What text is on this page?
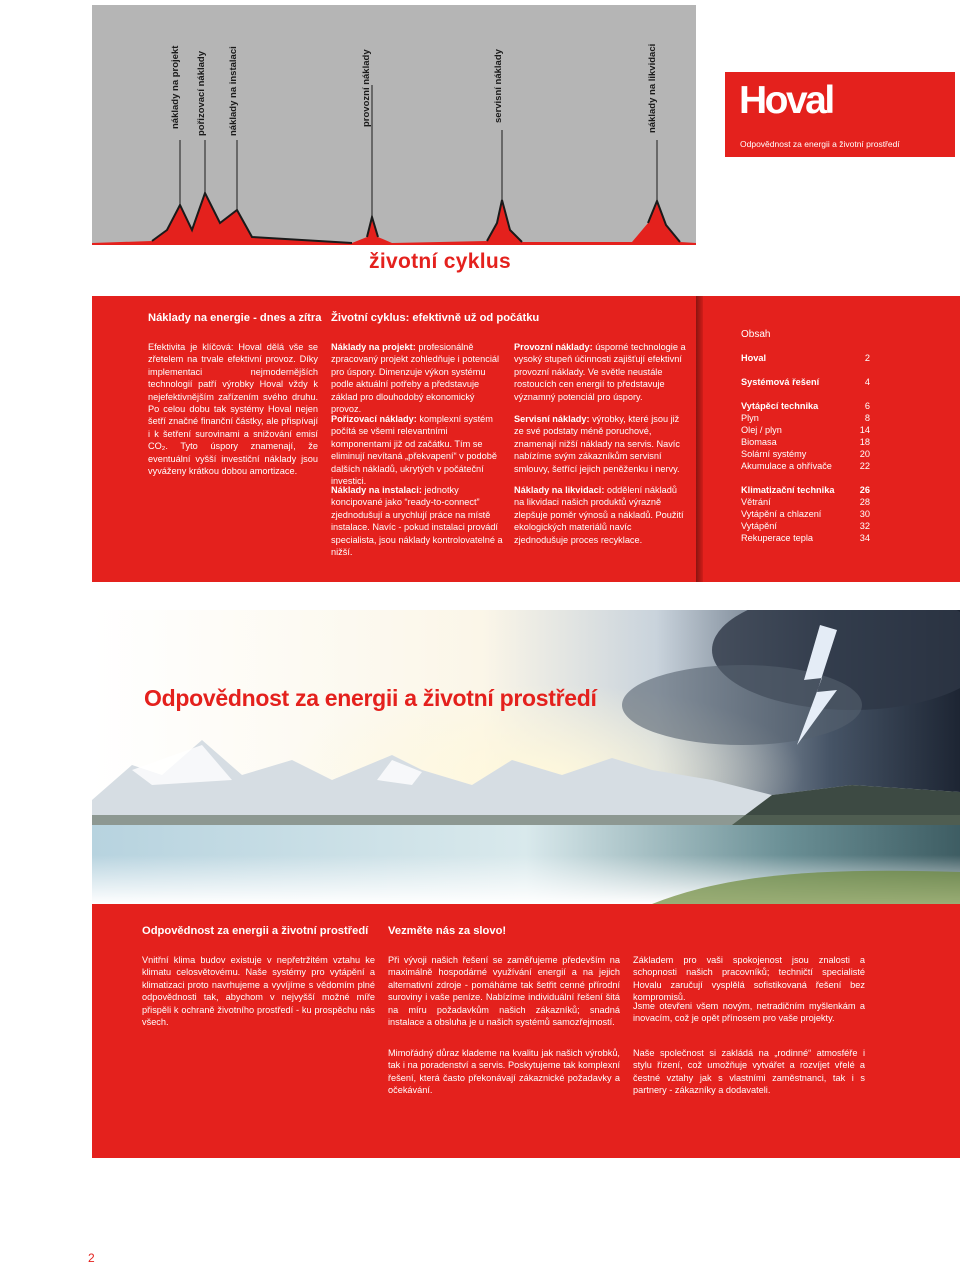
náklady na projekt pořizovací náklady náklady na instalaci	provozní náklady	servisní náklady	náklady na likvidaci
životní cyklus
Hoval
Odpovědnost za energii a životní prostředí
Náklady na energie - dnes a zítra
Efektivita je klíčová: Hoval dělá vše se zřetelem na trvale efektivní provoz. Díky implementaci nejmodernějších technologií patří výrobky Hoval vždy k nejefektivnějším zařízením svého druhu. Po celou dobu tak systémy Hoval nejen šetří značné finanční částky, ale přispívají i k šetření surovinami a snižování emisí CO₂. Tyto úspory znamenají, že eventuální vyšší investiční náklady jsou vyváženy krátkou dobou amortizace.
Životní cyklus: efektivně už od počátku
Náklady na projekt: profesionálně zpracovaný projekt zohledňuje i potenciál pro úspory. Dimenzuje výkon systému podle aktuální potřeby a představuje základ pro dlouhodobý ekonomický provoz.
Pořizovací náklady: komplexní systém počítá se všemi relevantními komponentami již od začátku. Tím se eliminují nevítaná „překvapení“ v podobě dalších nákladů, ukrytých v počáteční investici.
Náklady na instalaci: jednotky koncipované jako “ready-to-connect” zjednodušují a urychlují práce na místě instalace. Navíc - pokud instalaci provádí specialista, jsou náklady kontrolovatelné a nižší.
Provozní náklady: úsporné technologie a vysoký stupeň účinnosti zajišťují efektivní provozní náklady. Ve světle neustále rostoucích cen energií to představuje významný potenciál pro úspory.
Servisní náklady: výrobky, které jsou již ze své podstaty méně poruchové, znamenají nižší náklady na servis. Navíc nabízíme svým zákazníkům servisní smlouvy, šetřící jejich peněženku i nervy.
Náklady na likvidaci: oddělení nákladů na likvidaci našich produktů výrazně zlepšuje poměr výnosů a nákladů. Použití ekologických materiálů navíc zjednodušuje proces recyklace.
Obsah
Hoval	2
Systémová řešení	4
Vytápěcí technika	6
Plyn	8
Olej / plyn	14
Biomasa	18
Solární systémy	20
Akumulace a ohřívače	22
Klimatizační technika	26
Větrání	28
Vytápění a chlazení	30
Vytápění	32
Rekuperace tepla	34
Odpovědnost za energii a životní prostředí
Odpovědnost za energii a životní prostředí
Vnitřní klima budov existuje v nepřetržitém vztahu ke klimatu celosvětovému. Naše systémy pro vytápění a klimatizaci proto navrhujeme a vyvíjíme s vědomím plné odpovědnosti tak, abychom v nejvyšší možné míře přispěli k ochraně životního prostředí - ku prospěchu nás všech.
Vezměte nás za slovo!
Při vývoji našich řešení se zaměřujeme především na maximálně hospodárné využívání energií a na jejich alternativní zdroje - pomáháme tak šetřit cenné přírodní suroviny i vaše peníze. Nabízíme individuální řešení šitá na míru požadavkům našich zákazníků; snadná instalace a obsluha je u našich systémů samozřejmostí.
Mimořádný důraz klademe na kvalitu jak našich výrobků, tak i na poradenství a servis. Poskytujeme tak komplexní řešení, která často překonávají zákaznické požadavky a očekávání.
Základem pro vaši spokojenost jsou znalosti a schopnosti našich pracovníků; techničtí specialisté Hovalu zaručují vysplělá sofistikovaná řešení bez kompromisů.
Jsme otevřeni všem novým, netradičním myšlenkám a inovacím, což je opět přínosem pro vaše projekty.
Naše společnost si zakládá na „rodinné“ atmosféře i stylu řízení, což umožňuje vytvářet a rozvíjet vřelé a čestné vztahy jak s vlastními zaměstnanci, tak i s partnery - zákazníky a dodavateli.
2
